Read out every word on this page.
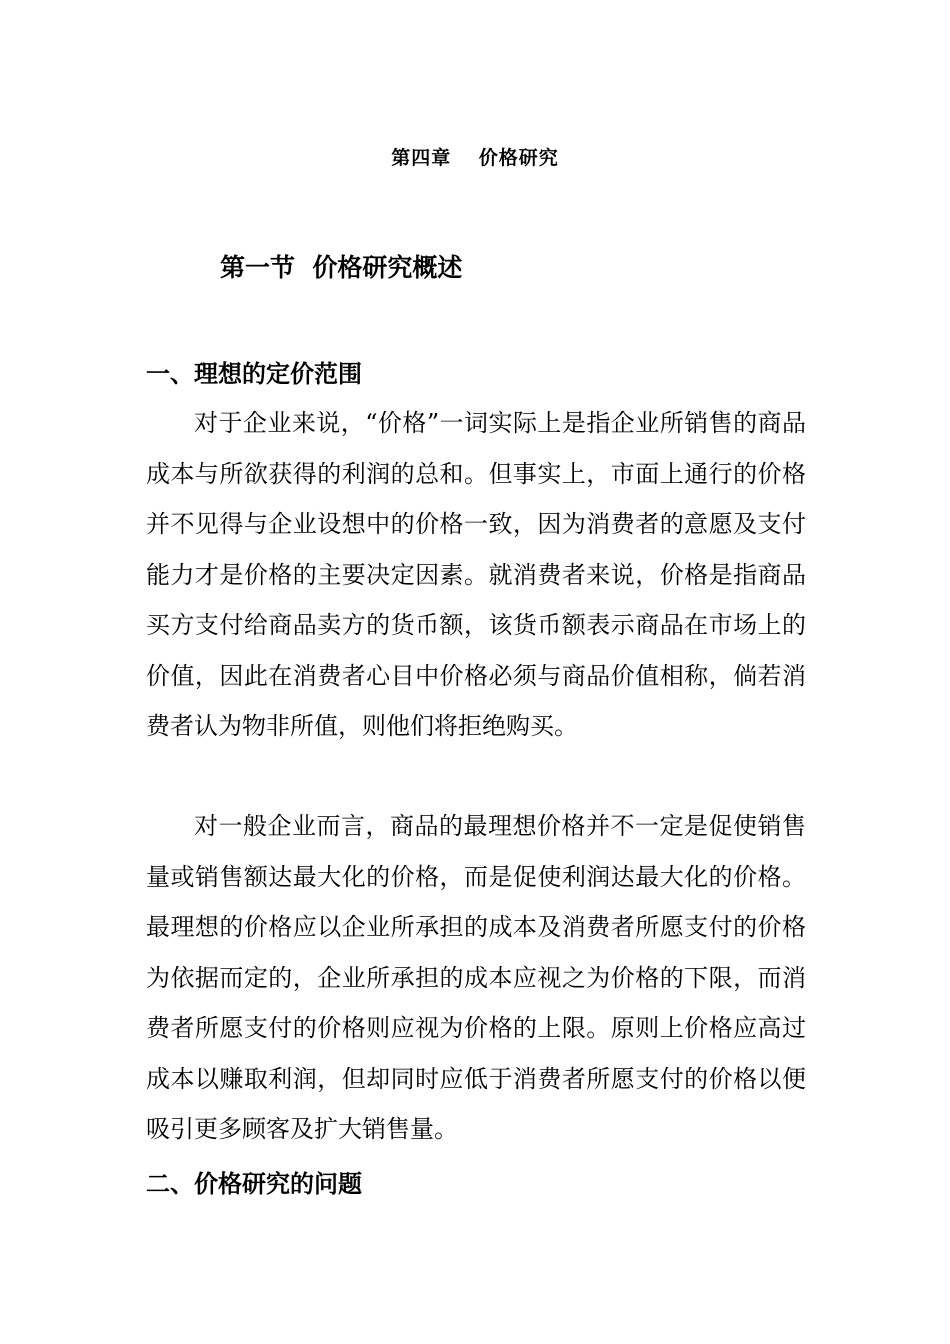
第四章　 价格研究
第一节  价格研究概述
一、理想的定价范围

对于企业来说，“价格”一词实际上是指企业所销售的商品成本与所欲获得的利润的总和。但事实上，市面上通行的价格并不见得与企业设想中的价格一致，因为消费者的意愿及支付能力才是价格的主要决定因素。就消费者来说，价格是指商品买方支付给商品卖方的货币额，该货币额表示商品在市场上的价值，因此在消费者心目中价格必须与商品价值相称，倘若消费者认为物非所值，则他们将拒绝购买。

对一般企业而言，商品的最理想价格并不一定是促使销售量或销售额达最大化的价格，而是促使利润达最大化的价格。最理想的价格应以企业所承担的成本及消费者所愿支付的价格为依据而定的，企业所承担的成本应视之为价格的下限，而消费者所愿支付的价格则应视为价格的上限。原则上价格应高过成本以赚取利润，但却同时应低于消费者所愿支付的价格以便吸引更多顾客及扩大销售量。

二、价格研究的问题
